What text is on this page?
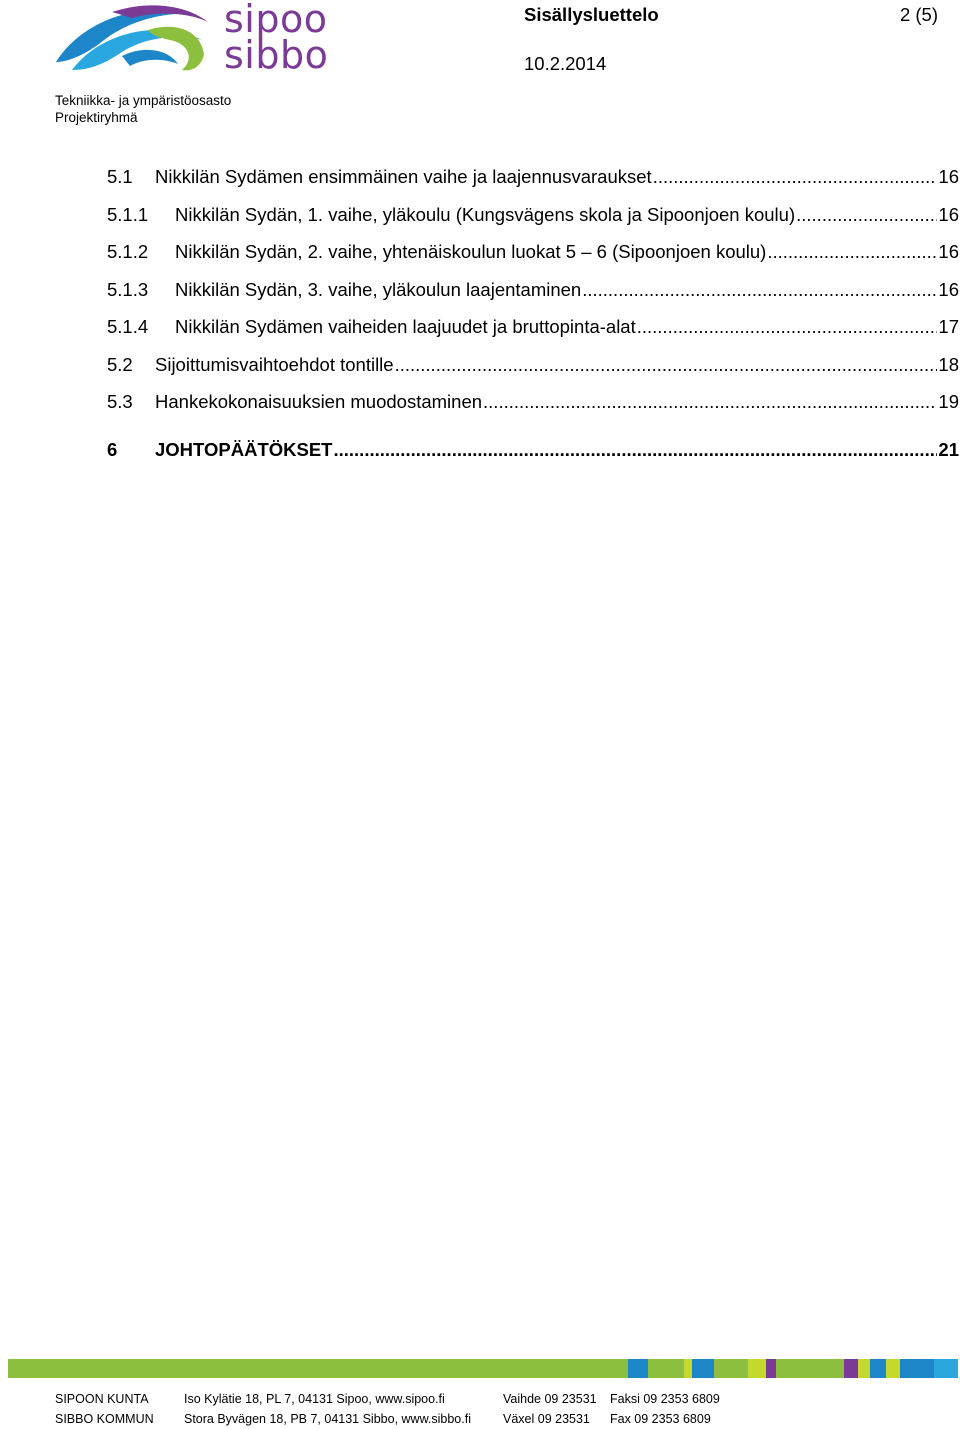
sipoo
sibbo
Tekniikka- ja ympäristöosasto
Projektiryhmä
Sisällysluettelo
10.2.2014
2 (5)
5.1	Nikkilän Sydämen ensimmäinen vaihe ja laajennusvaraukset .....	16
5.1.1	Nikkilän Sydän, 1. vaihe, yläkoulu (Kungsvägens skola ja Sipoonjoen koulu) .....	16
5.1.2	Nikkilän Sydän, 2. vaihe, yhtenäiskoulun luokat 5 – 6 (Sipoonjoen koulu) .....	16
5.1.3	Nikkilän Sydän, 3. vaihe, yläkoulun laajentaminen .....	16
5.1.4	Nikkilän Sydämen vaiheiden laajuudet ja bruttopinta-alat .....	17
5.2	Sijoittumisvaihtoehdot tontille .....	18
5.3	Hankekokonaisuuksien muodostaminen .....	19
6	JOHTOPÄÄTÖKSET .....	21
SIPOON KUNTA	Iso Kylätie 18, PL 7, 04131 Sipoo, www.sipoo.fi	Vaihde 09 23531	Faksi 09 2353 6809
SIBBO KOMMUN	Stora Byvägen 18, PB 7, 04131 Sibbo, www.sibbo.fi	Växel 09 23531	Fax 09 2353 6809
